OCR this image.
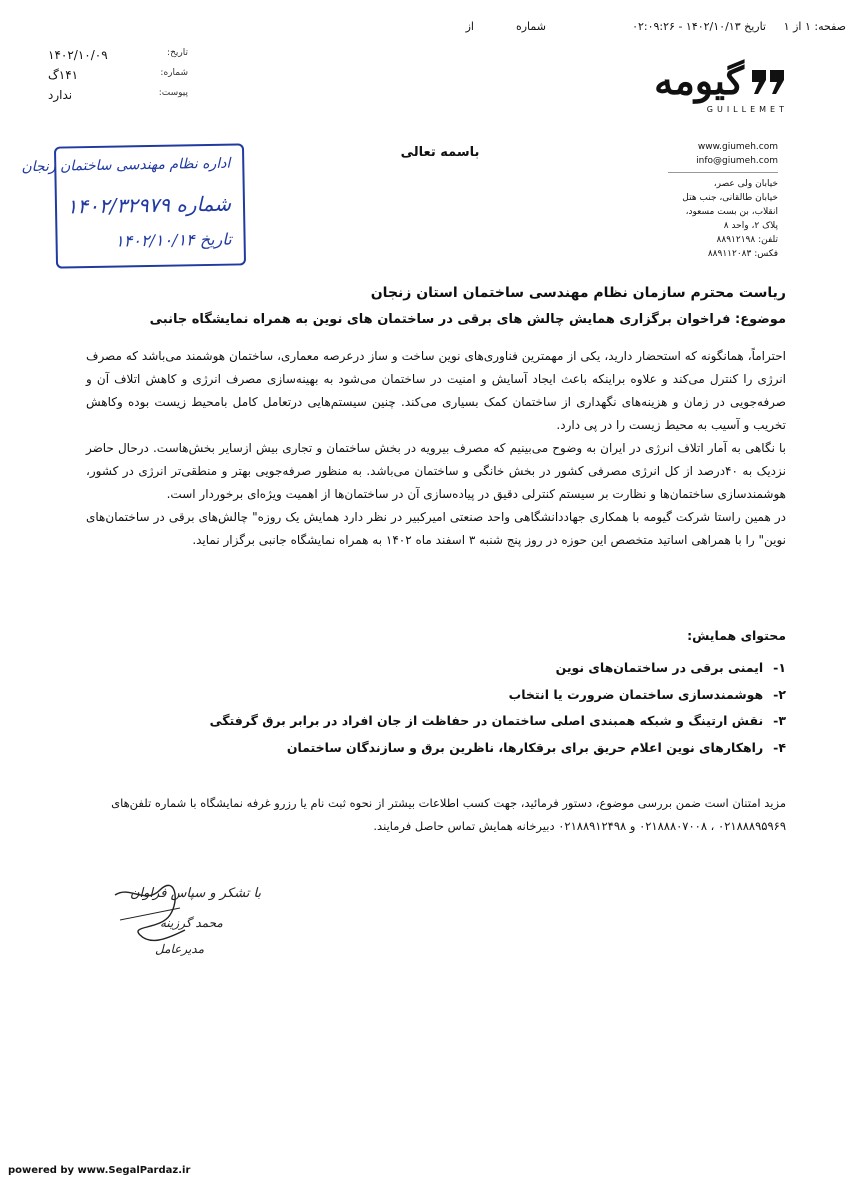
صفحه: ۱ از ۱
از	شماره	تاریخ ۱۴۰۲/۱۰/۱۳ - ۰۲:۰۹:۲۶
تاریخ:
۱۴۰۲/۱۰/۰۹
شماره:
۱۴۱گ
پیوست:
ندارد
اداره نظام مهندسی ساختمان زنجان
شماره ۱۴۰۲/۳۲۹۷۹
تاریخ ۱۴۰۲/۱۰/۱۴
باسمه تعالی
گیومه
GUILLEMET
www.giumeh.com
info@giumeh.com
خیابان ولی عصر،
خیابان طالقانی، جنب هتل
انقلاب، بن بست مسعود،
پلاک ۲، واحد ۸
تلفن: ۸۸۹۱۲۱۹۸
فکس: ۸۸۹۱۱۲۰۸۳
ریاست محترم سازمان نظام مهندسی ساختمان استان زنجان
موضوع: فراخوان برگزاری همایش چالش های برقی در ساختمان های نوین به همراه نمایشگاه جانبی

احتراماً، همانگونه که استحضار دارید، یکی از مهمترین فناوری‌های نوین ساخت و ساز درعرصه معماری، ساختمان هوشمند می‌باشد که مصرف انرژی را کنترل می‌کند و علاوه براینکه باعث ایجاد آسایش و امنیت در ساختمان می‌شود به بهینه‌سازی مصرف انرژی و کاهش اتلاف آن و صرفه‌جویی در زمان و هزینه‌های نگهداری از ساختمان کمک بسیاری می‌کند. چنین سیستم‌هایی درتعامل کامل بامحیط زیست بوده وکاهش تخریب و آسیب به محیط زیست را در پی دارد.

با نگاهی به آمار اتلاف انرژی در ایران به وضوح می‌بینیم که مصرف بیرویه در بخش ساختمان و تجاری بیش ازسایر بخش‌هاست. درحال حاضر نزدیک به ۴۰درصد از کل انرژی مصرفی کشور در بخش خانگی و ساختمان می‌باشد. به منظور صرفه‌جویی بهتر و منطقی‌تر انرژی در کشور، هوشمندسازی ساختمان‌ها و نظارت بر سیستم کنترلی دقیق در پیاده‌سازی آن در ساختمان‌ها از اهمیت ویژه‌ای برخوردار است.

در همین راستا شرکت گیومه با همکاری جهاددانشگاهی واحد صنعتی امیرکبیر در نظر دارد همایش یک روزه" چالش‌های برقی در ساختمان‌های نوین" را با همراهی اساتید متخصص این حوزه در روز پنج شنبه ۳ اسفند ماه ۱۴۰۲ به همراه نمایشگاه جانبی برگزار نماید.

محتوای همایش:
۱-
ایمنی برقی در ساختمان‌های نوین
۲-
هوشمندسازی ساختمان ضرورت یا انتخاب
۳-
نقش ارتینگ و شبکه همبندی اصلی ساختمان در حفاظت از جان افراد در برابر برق گرفتگی
۴-
راهکارهای نوین اعلام حریق برای برقکارها، ناظرین برق و سازندگان ساختمان
مزید امتنان است ضمن بررسی موضوع، دستور فرمائید، جهت کسب اطلاعات بیشتر از نحوه ثبت نام یا رزرو غرفه نمایشگاه با شماره تلفن‌های ۰۲۱۸۸۸۹۵۹۶۹ ، ۰۲۱۸۸۸۰۷۰۰۸ و ۰۲۱۸۸۹۱۲۴۹۸ دبیرخانه همایش تماس حاصل فرمایند.
با تشکر و سپاس فراوان
محمد گرزینه
مدیرعامل
powered by www.SegalPardaz.ir
